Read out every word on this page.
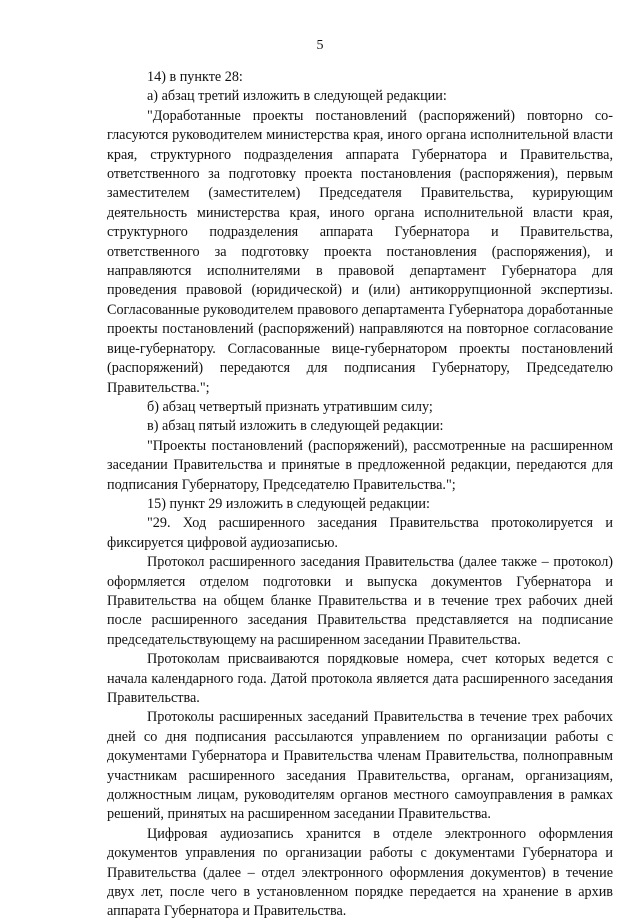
5

14) в пункте 28:

а) абзац третий изложить в следующей редакции:

"Доработанные проекты постановлений (распоряжений) повторно согласуются руководителем министерства края, иного органа исполнительной власти края, структурного подразделения аппарата Губернатора и Правительства, ответственного за подготовку проекта постановления (распоряжения), первым заместителем (заместителем) Председателя Правительства, курирующим деятельность министерства края, иного органа исполнительной власти края, структурного подразделения аппарата Губернатора и Правительства, ответственного за подготовку проекта постановления (распоряжения), и направляются исполнителями в правовой департамент Губернатора для проведения правовой (юридической) и (или) антикоррупционной экспертизы. Согласованные руководителем правового департамента Губернатора доработанные проекты постановлений (распоряжений) направляются на повторное согласование вице-губернатору. Согласованные вице-губернатором проекты постановлений (распоряжений) передаются для подписания Губернатору, Председателю Правительства.";

б) абзац четвертый признать утратившим силу;

в) абзац пятый изложить в следующей редакции:

"Проекты постановлений (распоряжений), рассмотренные на расширенном заседании Правительства и принятые в предложенной редакции, передаются для подписания Губернатору, Председателю Правительства.";

15) пункт 29 изложить в следующей редакции:

"29. Ход расширенного заседания Правительства протоколируется и фиксируется цифровой аудиозаписью.

Протокол расширенного заседания Правительства (далее также – протокол) оформляется отделом подготовки и выпуска документов Губернатора и Правительства на общем бланке Правительства и в течение трех рабочих дней после расширенного заседания Правительства представляется на подписание председательствующему на расширенном заседании Правительства.

Протоколам присваиваются порядковые номера, счет которых ведется с начала календарного года. Датой протокола является дата расширенного заседания Правительства.

Протоколы расширенных заседаний Правительства в течение трех рабочих дней со дня подписания рассылаются управлением по организации работы с документами Губернатора и Правительства членам Правительства, полноправным участникам расширенного заседания Правительства, органам, организациям, должностным лицам, руководителям органов местного самоуправления в рамках решений, принятых на расширенном заседании Правительства.

Цифровая аудиозапись хранится в отделе электронного оформления документов управления по организации работы с документами Губернатора и Правительства (далее – отдел электронного оформления документов) в течение двух лет, после чего в установленном порядке передается на хранение в архив аппарата Губернатора и Правительства.
